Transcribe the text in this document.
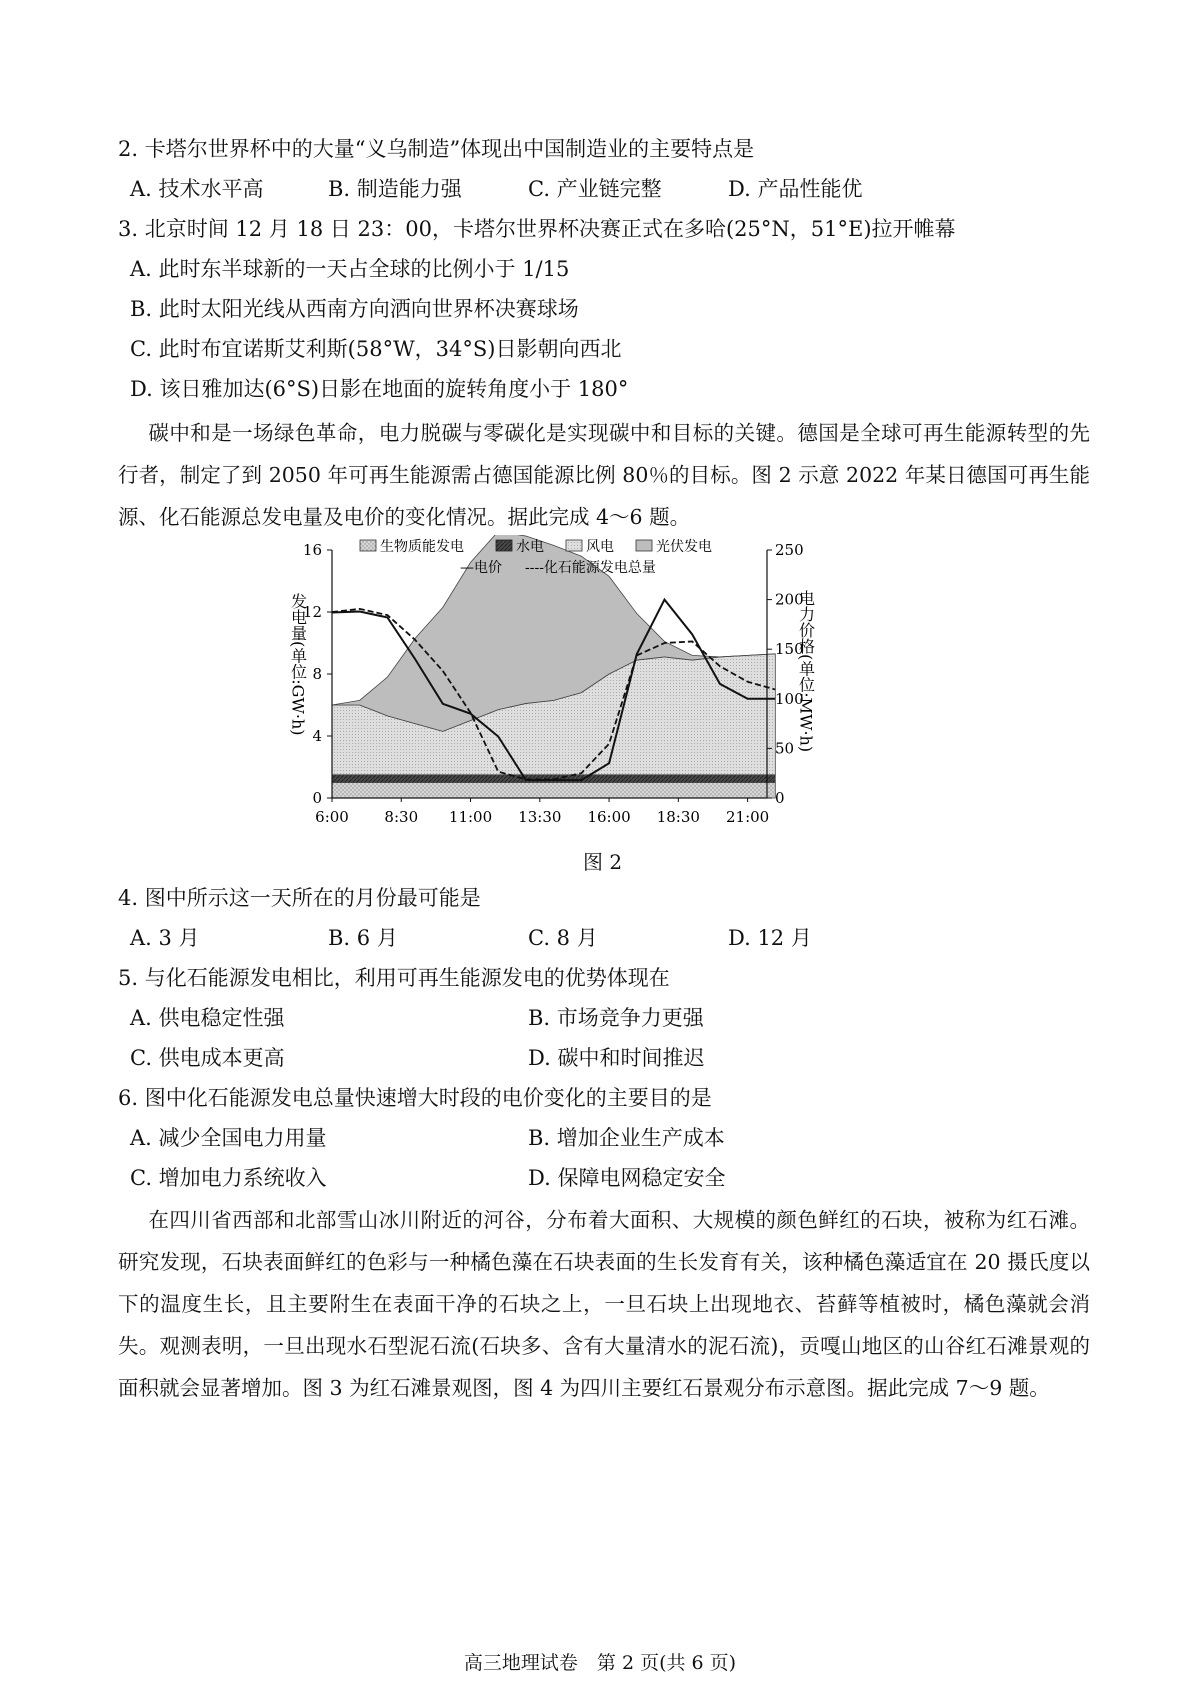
2. 卡塔尔世界杯中的大量“义乌制造”体现出中国制造业的主要特点是
A. 技术水平高	B. 制造能力强	C. 产业链完整	D. 产品性能优
3. 北京时间 12 月 18 日 23：00，卡塔尔世界杯决赛正式在多哈(25°N，51°E)拉开帷幕
A. 此时东半球新的一天占全球的比例小于 1/15
B. 此时太阳光线从西南方向洒向世界杯决赛球场
C. 此时布宜诺斯艾利斯(58°W，34°S)日影朝向西北
D. 该日雅加达(6°S)日影在地面的旋转角度小于 180°
碳中和是一场绿色革命，电力脱碳与零碳化是实现碳中和目标的关键。德国是全球可再生能源转型的先行者，制定了到 2050 年可再生能源需占德国能源比例 80％的目标。图 2 示意 2022 年某日德国可再生能源、化石能源总发电量及电价的变化情况。据此完成 4～6 题。
0
4
8
12
16
0
50
100
150
200
250
6:00 8:30 11:00 13:30 16:00 18:30 21:00
生物质能发电	水电	风电	光伏发电
—电价 ----化石能源发电总量
发电量(单位:GW·h)	电力价格(单位:MW·h)
图 2
4. 图中所示这一天所在的月份最可能是
A. 3 月	B. 6 月	C. 8 月	D. 12 月
5. 与化石能源发电相比，利用可再生能源发电的优势体现在
A. 供电稳定性强	B. 市场竞争力更强
C. 供电成本更高	D. 碳中和时间推迟
6. 图中化石能源发电总量快速增大时段的电价变化的主要目的是
A. 减少全国电力用量	B. 增加企业生产成本
C. 增加电力系统收入	D. 保障电网稳定安全
在四川省西部和北部雪山冰川附近的河谷，分布着大面积、大规模的颜色鲜红的石块，被称为红石滩。研究发现，石块表面鲜红的色彩与一种橘色藻在石块表面的生长发育有关，该种橘色藻适宜在 20 摄氏度以下的温度生长，且主要附生在表面干净的石块之上，一旦石块上出现地衣、苔藓等植被时，橘色藻就会消失。观测表明，一旦出现水石型泥石流(石块多、含有大量清水的泥石流)，贡嘎山地区的山谷红石滩景观的面积就会显著增加。图 3 为红石滩景观图，图 4 为四川主要红石景观分布示意图。据此完成 7～9 题。
高三地理试卷　第 2 页(共 6 页)
